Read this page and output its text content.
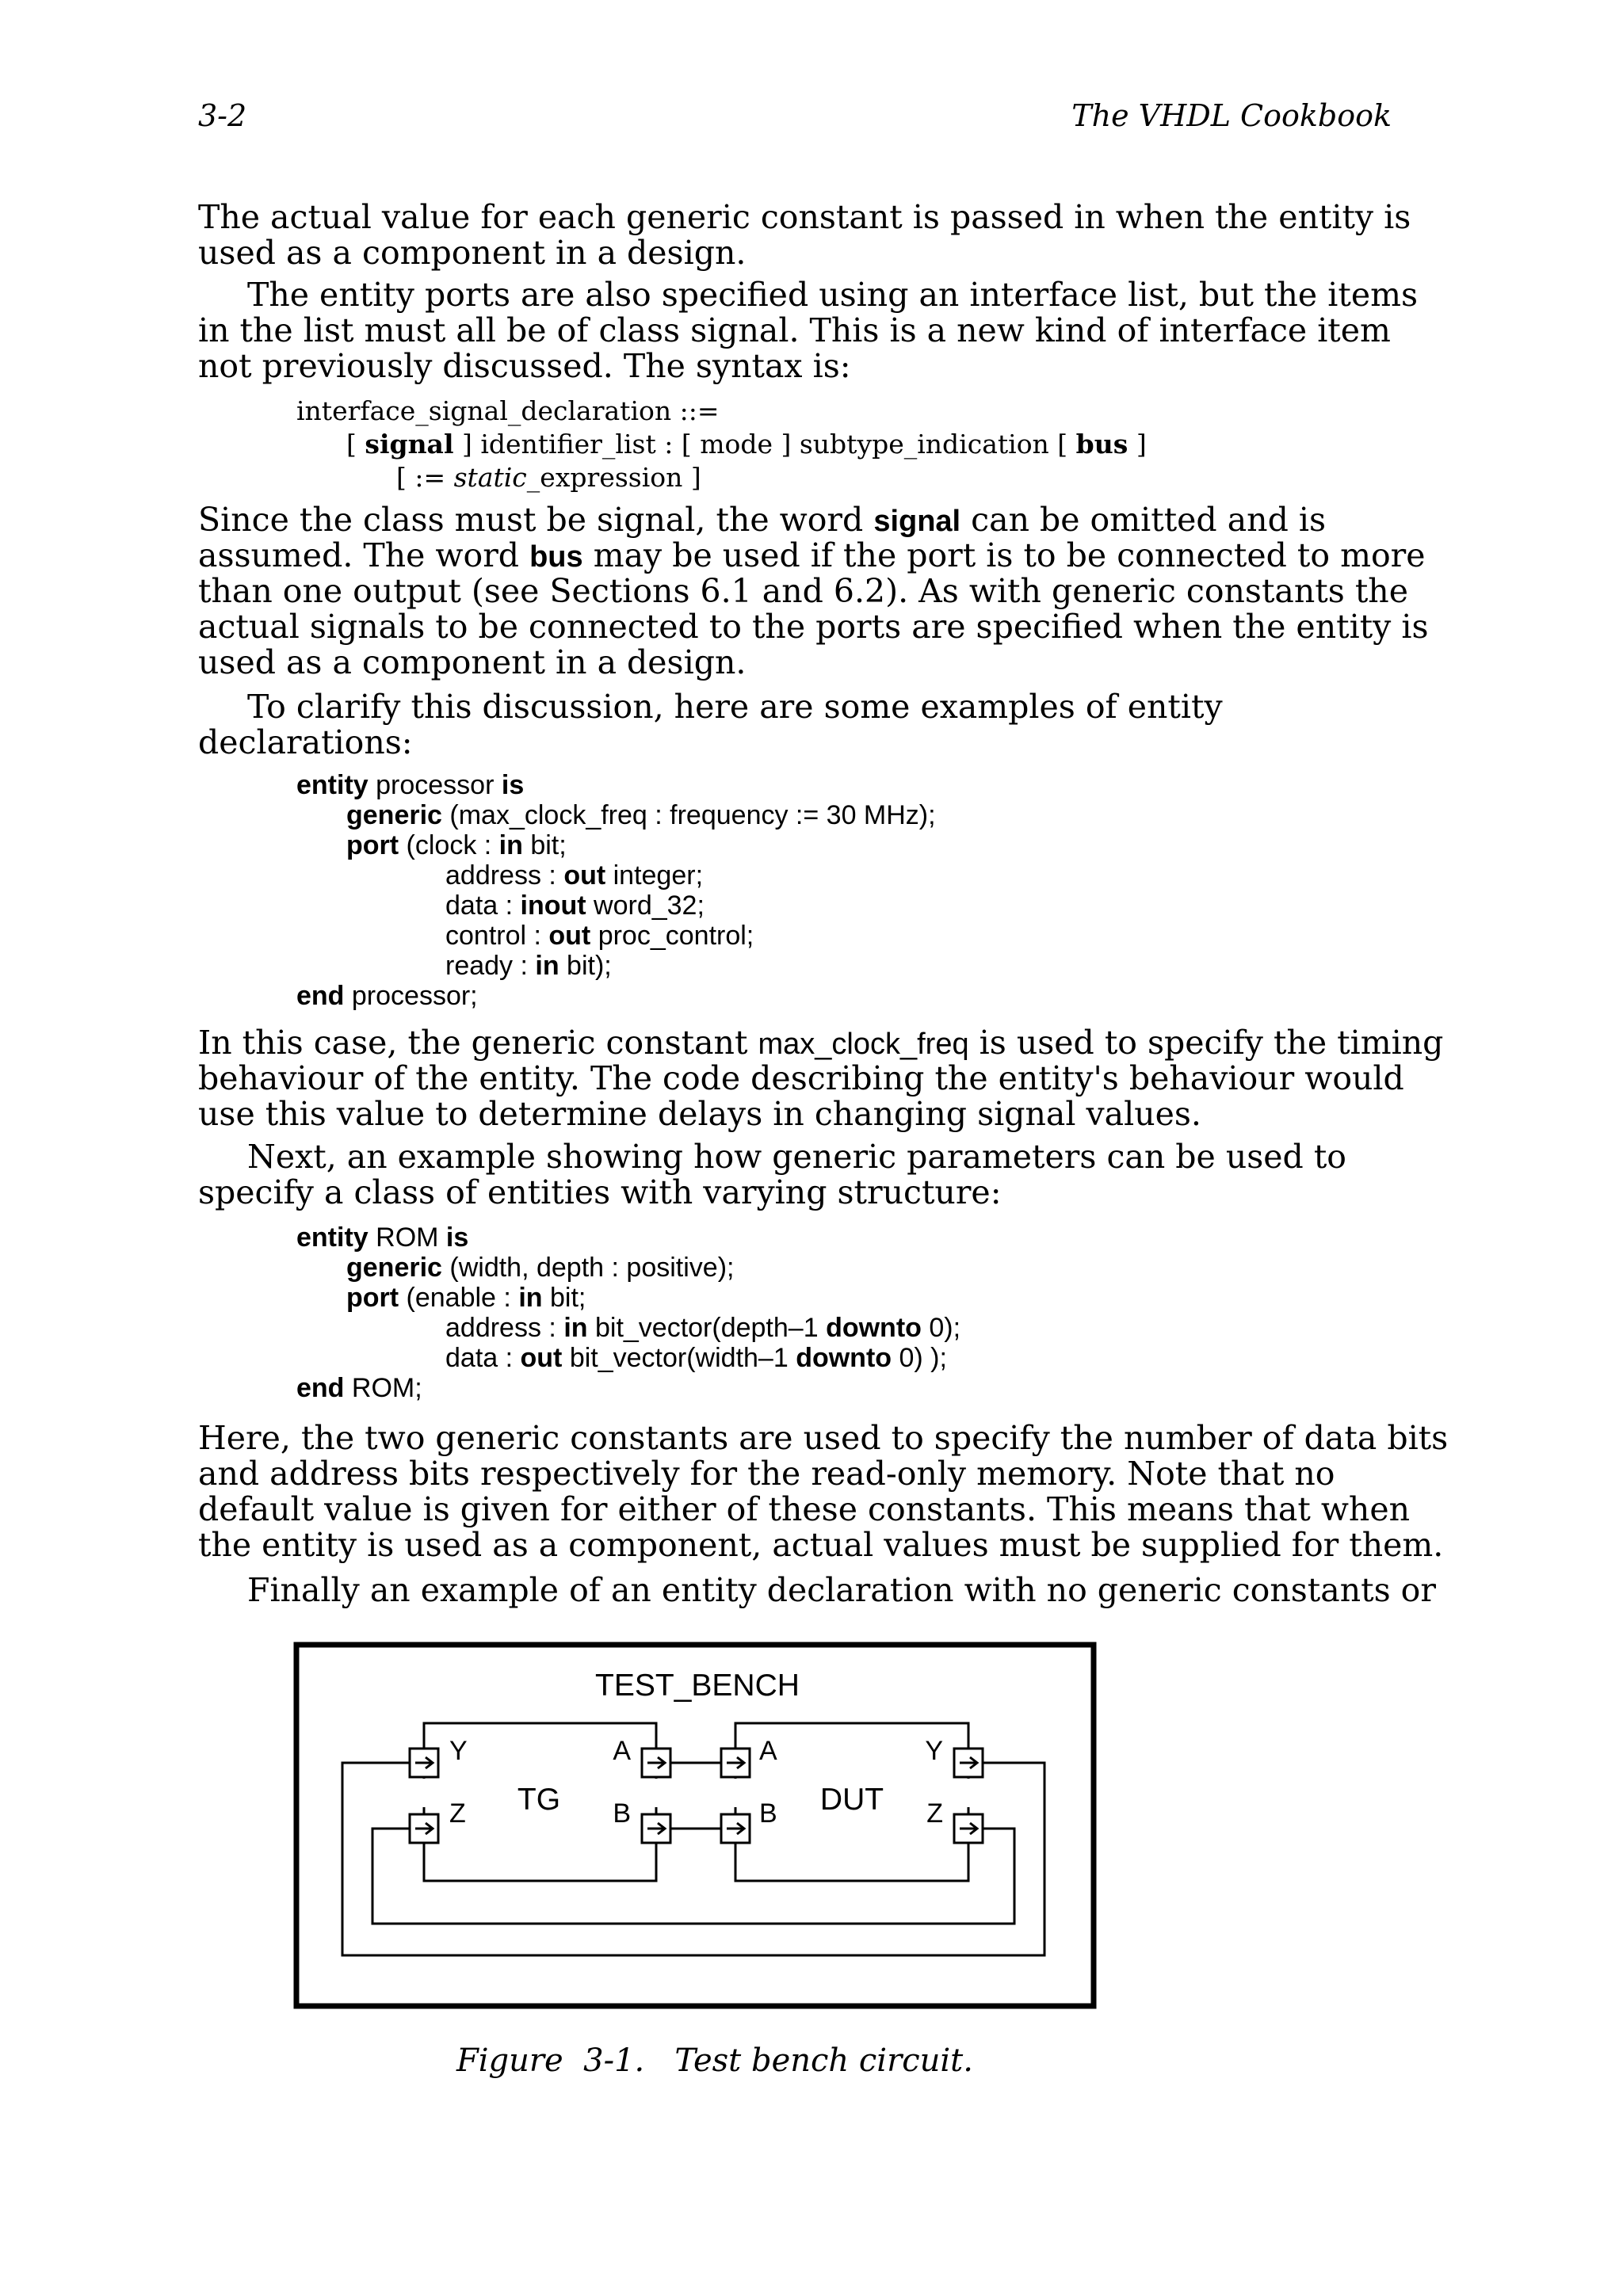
3-2	The VHDL Cookbook
The actual value for each generic constant is passed in when the entity is
used as a component in a design.
The entity ports are also specified using an interface list, but the items
in the list must all be of class signal. This is a new kind of interface item
not previously discussed. The syntax is:
interface_signal_declaration ::=
[ signal ] identifier_list : [ mode ] subtype_indication [ bus ]
[ := static_expression ]
Since the class must be signal, the word signal can be omitted and is
assumed. The word bus may be used if the port is to be connected to more
than one output (see Sections 6.1 and 6.2). As with generic constants the
actual signals to be connected to the ports are specified when the entity is
used as a component in a design.
To clarify this discussion, here are some examples of entity
declarations:
entity processor is
generic (max_clock_freq : frequency := 30 MHz);
port (clock : in bit;
address : out integer;
data : inout word_32;
control : out proc_control;
ready : in bit);
end processor;
In this case, the generic constant max_clock_freq is used to specify the timing
behaviour of the entity. The code describing the entity's behaviour would
use this value to determine delays in changing signal values.
Next, an example showing how generic parameters can be used to
specify a class of entities with varying structure:
entity ROM is
generic (width, depth : positive);
port (enable : in bit;
address : in bit_vector(depth–1 downto 0);
data : out bit_vector(width–1 downto 0) );
end ROM;
Here, the two generic constants are used to specify the number of data bits
and address bits respectively for the read-only memory. Note that no
default value is given for either of these constants. This means that when
the entity is used as a component, actual values must be supplied for them.
Finally an example of an entity declaration with no generic constants or
TEST_BENCH
TG	DUT
Y
Z
A
B
A
B
Y
Z
Figure  3-1.   Test bench circuit.
